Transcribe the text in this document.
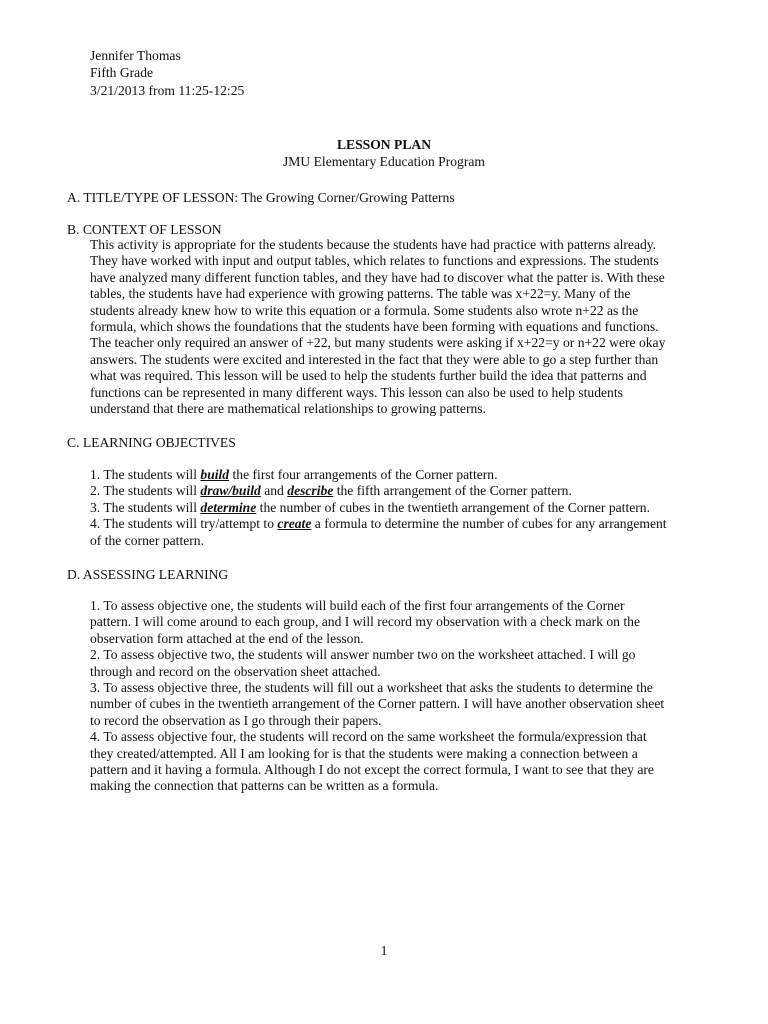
Jennifer Thomas
Fifth Grade
3/21/2013 from 11:25-12:25
LESSON PLAN
JMU Elementary Education Program
A. TITLE/TYPE OF LESSON: The Growing Corner/Growing Patterns
B. CONTEXT OF LESSON
This activity is appropriate for the students because the students have had practice with patterns already.
They have worked with input and output tables, which relates to functions and expressions. The students
have analyzed many different function tables, and they have had to discover what the patter is. With these
tables, the students have had experience with growing patterns. The table was x+22=y. Many of the
students already knew how to write this equation or a formula. Some students also wrote n+22 as the
formula, which shows the foundations that the students have been forming with equations and functions.
The teacher only required an answer of +22, but many students were asking if x+22=y or n+22 were okay
answers. The students were excited and interested in the fact that they were able to go a step further than
what was required. This lesson will be used to help the students further build the idea that patterns and
functions can be represented in many different ways. This lesson can also be used to help students
understand that there are mathematical relationships to growing patterns.
C. LEARNING OBJECTIVES
1. The students will build the first four arrangements of the Corner pattern.
2. The students will draw/build and describe the fifth arrangement of the Corner pattern.
3. The students will determine the number of cubes in the twentieth arrangement of the Corner pattern.
4. The students will try/attempt to create a formula to determine the number of cubes for any arrangement
of the corner pattern.
D. ASSESSING LEARNING
1. To assess objective one, the students will build each of the first four arrangements of the Corner
pattern. I will come around to each group, and I will record my observation with a check mark on the
observation form attached at the end of the lesson.
2. To assess objective two, the students will answer number two on the worksheet attached. I will go
through and record on the observation sheet attached.
3. To assess objective three, the students will fill out a worksheet that asks the students to determine the
number of cubes in the twentieth arrangement of the Corner pattern. I will have another observation sheet
to record the observation as I go through their papers.
4. To assess objective four, the students will record on the same worksheet the formula/expression that
they created/attempted. All I am looking for is that the students were making a connection between a
pattern and it having a formula. Although I do not except the correct formula, I want to see that they are
making the connection that patterns can be written as a formula.
1
